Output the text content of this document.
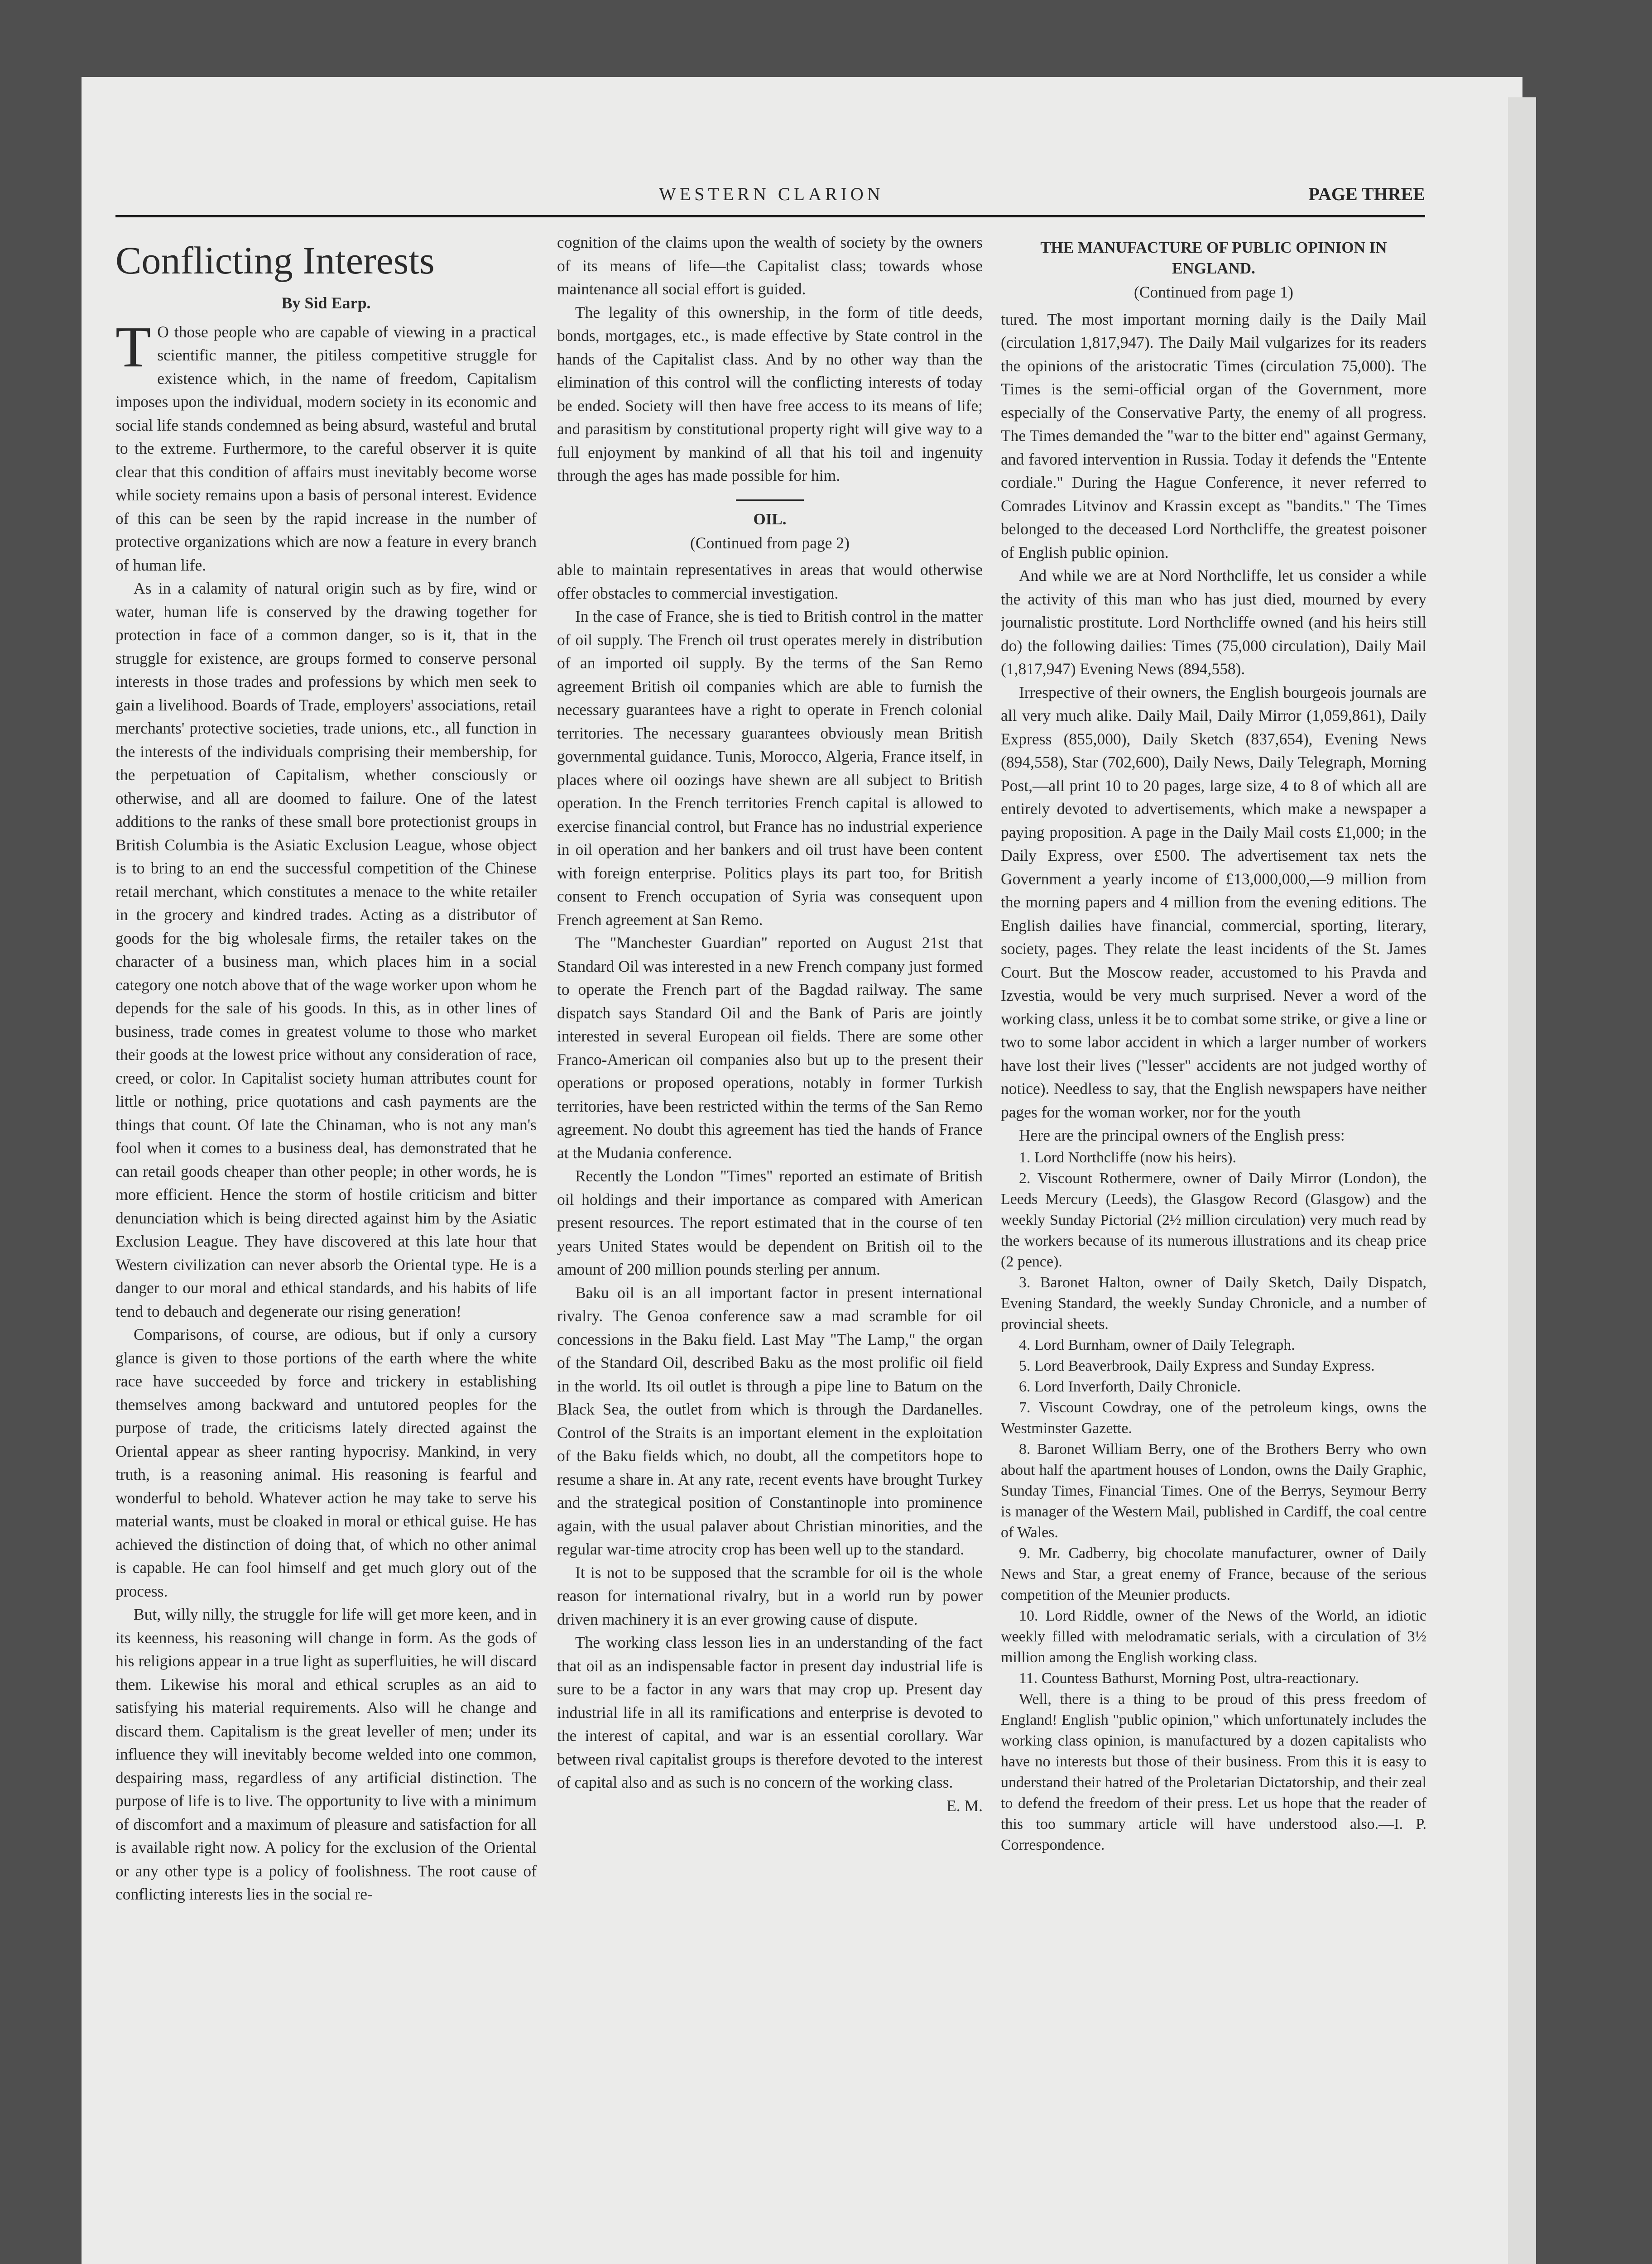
WESTERN CLARION	PAGE THREE
Conflicting Interests
By Sid Earp.

T O those people who are capable of viewing in a practical scientific manner, the pitiless competitive struggle for existence which, in the name of freedom, Capitalism imposes upon the individual, modern society in its economic and social life stands condemned as being absurd, wasteful and brutal to the extreme. Furthermore, to the careful observer it is quite clear that this condition of affairs must inevitably become worse while society remains upon a basis of personal interest. Evidence of this can be seen by the rapid increase in the number of protective organizations which are now a feature in every branch of human life.

As in a calamity of natural origin such as by fire, wind or water, human life is conserved by the drawing together for protection in face of a common danger, so is it, that in the struggle for existence, are groups formed to conserve personal interests in those trades and professions by which men seek to gain a livelihood. Boards of Trade, employers' associations, retail merchants' protective societies, trade unions, etc., all function in the interests of the individuals comprising their membership, for the perpetuation of Capitalism, whether consciously or otherwise, and all are doomed to failure. One of the latest additions to the ranks of these small bore protectionist groups in British Columbia is the Asiatic Exclusion League, whose object is to bring to an end the successful competition of the Chinese retail merchant, which constitutes a menace to the white retailer in the grocery and kindred trades. Acting as a distributor of goods for the big wholesale firms, the retailer takes on the character of a business man, which places him in a social category one notch above that of the wage worker upon whom he depends for the sale of his goods. In this, as in other lines of business, trade comes in greatest volume to those who market their goods at the lowest price without any consideration of race, creed, or color. In Capitalist society human attributes count for little or nothing, price quotations and cash payments are the things that count. Of late the Chinaman, who is not any man's fool when it comes to a business deal, has demonstrated that he can retail goods cheaper than other people; in other words, he is more efficient. Hence the storm of hostile criticism and bitter denunciation which is being directed against him by the Asiatic Exclusion League. They have discovered at this late hour that Western civilization can never absorb the Oriental type. He is a danger to our moral and ethical standards, and his habits of life tend to debauch and degenerate our rising generation!

Comparisons, of course, are odious, but if only a cursory glance is given to those portions of the earth where the white race have succeeded by force and trickery in establishing themselves among backward and untutored peoples for the purpose of trade, the criticisms lately directed against the Oriental appear as sheer ranting hypocrisy. Mankind, in very truth, is a reasoning animal. His reasoning is fearful and wonderful to behold. Whatever action he may take to serve his material wants, must be cloaked in moral or ethical guise. He has achieved the distinction of doing that, of which no other animal is capable. He can fool himself and get much glory out of the process.

But, willy nilly, the struggle for life will get more keen, and in its keenness, his reasoning will change in form. As the gods of his religions appear in a true light as superfluities, he will discard them. Likewise his moral and ethical scruples as an aid to satisfying his material requirements. Also will he change and discard them. Capitalism is the great leveller of men; under its influence they will inevitably become welded into one common, despairing mass, regardless of any artificial distinction. The purpose of life is to live. The opportunity to live with a minimum of discomfort and a maximum of pleasure and satisfaction for all is available right now. A policy for the exclusion of the Oriental or any other type is a policy of foolishness. The root cause of conflicting interests lies in the social re-

cognition of the claims upon the wealth of society by the owners of its means of life—the Capitalist class; towards whose maintenance all social effort is guided.

The legality of this ownership, in the form of title deeds, bonds, mortgages, etc., is made effective by State control in the hands of the Capitalist class. And by no other way than the elimination of this control will the conflicting interests of today be ended. Society will then have free access to its means of life; and parasitism by constitutional property right will give way to a full enjoyment by mankind of all that his toil and ingenuity through the ages has made possible for him.

OIL.
(Continued from page 2)

able to maintain representatives in areas that would otherwise offer obstacles to commercial investigation.

In the case of France, she is tied to British control in the matter of oil supply. The French oil trust operates merely in distribution of an imported oil supply. By the terms of the San Remo agreement British oil companies which are able to furnish the necessary guarantees have a right to operate in French colonial territories. The necessary guarantees obviously mean British governmental guidance. Tunis, Morocco, Algeria, France itself, in places where oil oozings have shewn are all subject to British operation. In the French territories French capital is allowed to exercise financial control, but France has no industrial experience in oil operation and her bankers and oil trust have been content with foreign enterprise. Politics plays its part too, for British consent to French occupation of Syria was consequent upon French agreement at San Remo.

The "Manchester Guardian" reported on August 21st that Standard Oil was interested in a new French company just formed to operate the French part of the Bagdad railway. The same dispatch says Standard Oil and the Bank of Paris are jointly interested in several European oil fields. There are some other Franco-American oil companies also but up to the present their operations or proposed operations, notably in former Turkish territories, have been restricted within the terms of the San Remo agreement. No doubt this agreement has tied the hands of France at the Mudania conference.

Recently the London "Times" reported an estimate of British oil holdings and their importance as compared with American present resources. The report estimated that in the course of ten years United States would be dependent on British oil to the amount of 200 million pounds sterling per annum.

Baku oil is an all important factor in present international rivalry. The Genoa conference saw a mad scramble for oil concessions in the Baku field. Last May "The Lamp," the organ of the Standard Oil, described Baku as the most prolific oil field in the world. Its oil outlet is through a pipe line to Batum on the Black Sea, the outlet from which is through the Dardanelles. Control of the Straits is an important element in the exploitation of the Baku fields which, no doubt, all the competitors hope to resume a share in. At any rate, recent events have brought Turkey and the strategical position of Constantinople into prominence again, with the usual palaver about Christian minorities, and the regular war-time atrocity crop has been well up to the standard.

It is not to be supposed that the scramble for oil is the whole reason for international rivalry, but in a world run by power driven machinery it is an ever growing cause of dispute.

The working class lesson lies in an understanding of the fact that oil as an indispensable factor in present day industrial life is sure to be a factor in any wars that may crop up. Present day industrial life in all its ramifications and enterprise is devoted to the interest of capital, and war is an essential corollary. War between rival capitalist groups is therefore devoted to the interest of capital also and as such is no concern of the working class.

E. M.
THE MANUFACTURE OF PUBLIC OPINION IN ENGLAND.
(Continued from page 1)

tured. The most important morning daily is the Daily Mail (circulation 1,817,947). The Daily Mail vulgarizes for its readers the opinions of the aristocratic Times (circulation 75,000). The Times is the semi-official organ of the Government, more especially of the Conservative Party, the enemy of all progress. The Times demanded the "war to the bitter end" against Germany, and favored intervention in Russia. Today it defends the "Entente cordiale." During the Hague Conference, it never referred to Comrades Litvinov and Krassin except as "bandits." The Times belonged to the deceased Lord Northcliffe, the greatest poisoner of English public opinion.

And while we are at Nord Northcliffe, let us consider a while the activity of this man who has just died, mourned by every journalistic prostitute. Lord Northcliffe owned (and his heirs still do) the following dailies: Times (75,000 circulation), Daily Mail (1,817,947) Evening News (894,558).

Irrespective of their owners, the English bourgeois journals are all very much alike. Daily Mail, Daily Mirror (1,059,861), Daily Express (855,000), Daily Sketch (837,654), Evening News (894,558), Star (702,600), Daily News, Daily Telegraph, Morning Post,—all print 10 to 20 pages, large size, 4 to 8 of which all are entirely devoted to advertisements, which make a newspaper a paying proposition. A page in the Daily Mail costs £1,000; in the Daily Express, over £500. The advertisement tax nets the Government a yearly income of £13,000,000,—9 million from the morning papers and 4 million from the evening editions. The English dailies have financial, commercial, sporting, literary, society, pages. They relate the least incidents of the St. James Court. But the Moscow reader, accustomed to his Pravda and Izvestia, would be very much surprised. Never a word of the working class, unless it be to combat some strike, or give a line or two to some labor accident in which a larger number of workers have lost their lives ("lesser" accidents are not judged worthy of notice). Needless to say, that the English newspapers have neither pages for the woman worker, nor for the youth

Here are the principal owners of the English press:

1. Lord Northcliffe (now his heirs).

2. Viscount Rothermere, owner of Daily Mirror (London), the Leeds Mercury (Leeds), the Glasgow Record (Glasgow) and the weekly Sunday Pictorial (2½ million circulation) very much read by the workers because of its numerous illustrations and its cheap price (2 pence).

3. Baronet Halton, owner of Daily Sketch, Daily Dispatch, Evening Standard, the weekly Sunday Chronicle, and a number of provincial sheets.

4. Lord Burnham, owner of Daily Telegraph.

5. Lord Beaverbrook, Daily Express and Sunday Express.

6. Lord Inverforth, Daily Chronicle.

7. Viscount Cowdray, one of the petroleum kings, owns the Westminster Gazette.

8. Baronet William Berry, one of the Brothers Berry who own about half the apartment houses of London, owns the Daily Graphic, Sunday Times, Financial Times. One of the Berrys, Seymour Berry is manager of the Western Mail, published in Cardiff, the coal centre of Wales.

9. Mr. Cadberry, big chocolate manufacturer, owner of Daily News and Star, a great enemy of France, because of the serious competition of the Meunier products.

10. Lord Riddle, owner of the News of the World, an idiotic weekly filled with melodramatic serials, with a circulation of 3½ million among the English working class.

11. Countess Bathurst, Morning Post, ultra-reactionary.

Well, there is a thing to be proud of this press freedom of England! English "public opinion," which unfortunately includes the working class opinion, is manufactured by a dozen capitalists who have no interests but those of their business. From this it is easy to understand their hatred of the Proletarian Dictatorship, and their zeal to defend the freedom of their press. Let us hope that the reader of this too summary article will have understood also.—I. P. Correspondence.
